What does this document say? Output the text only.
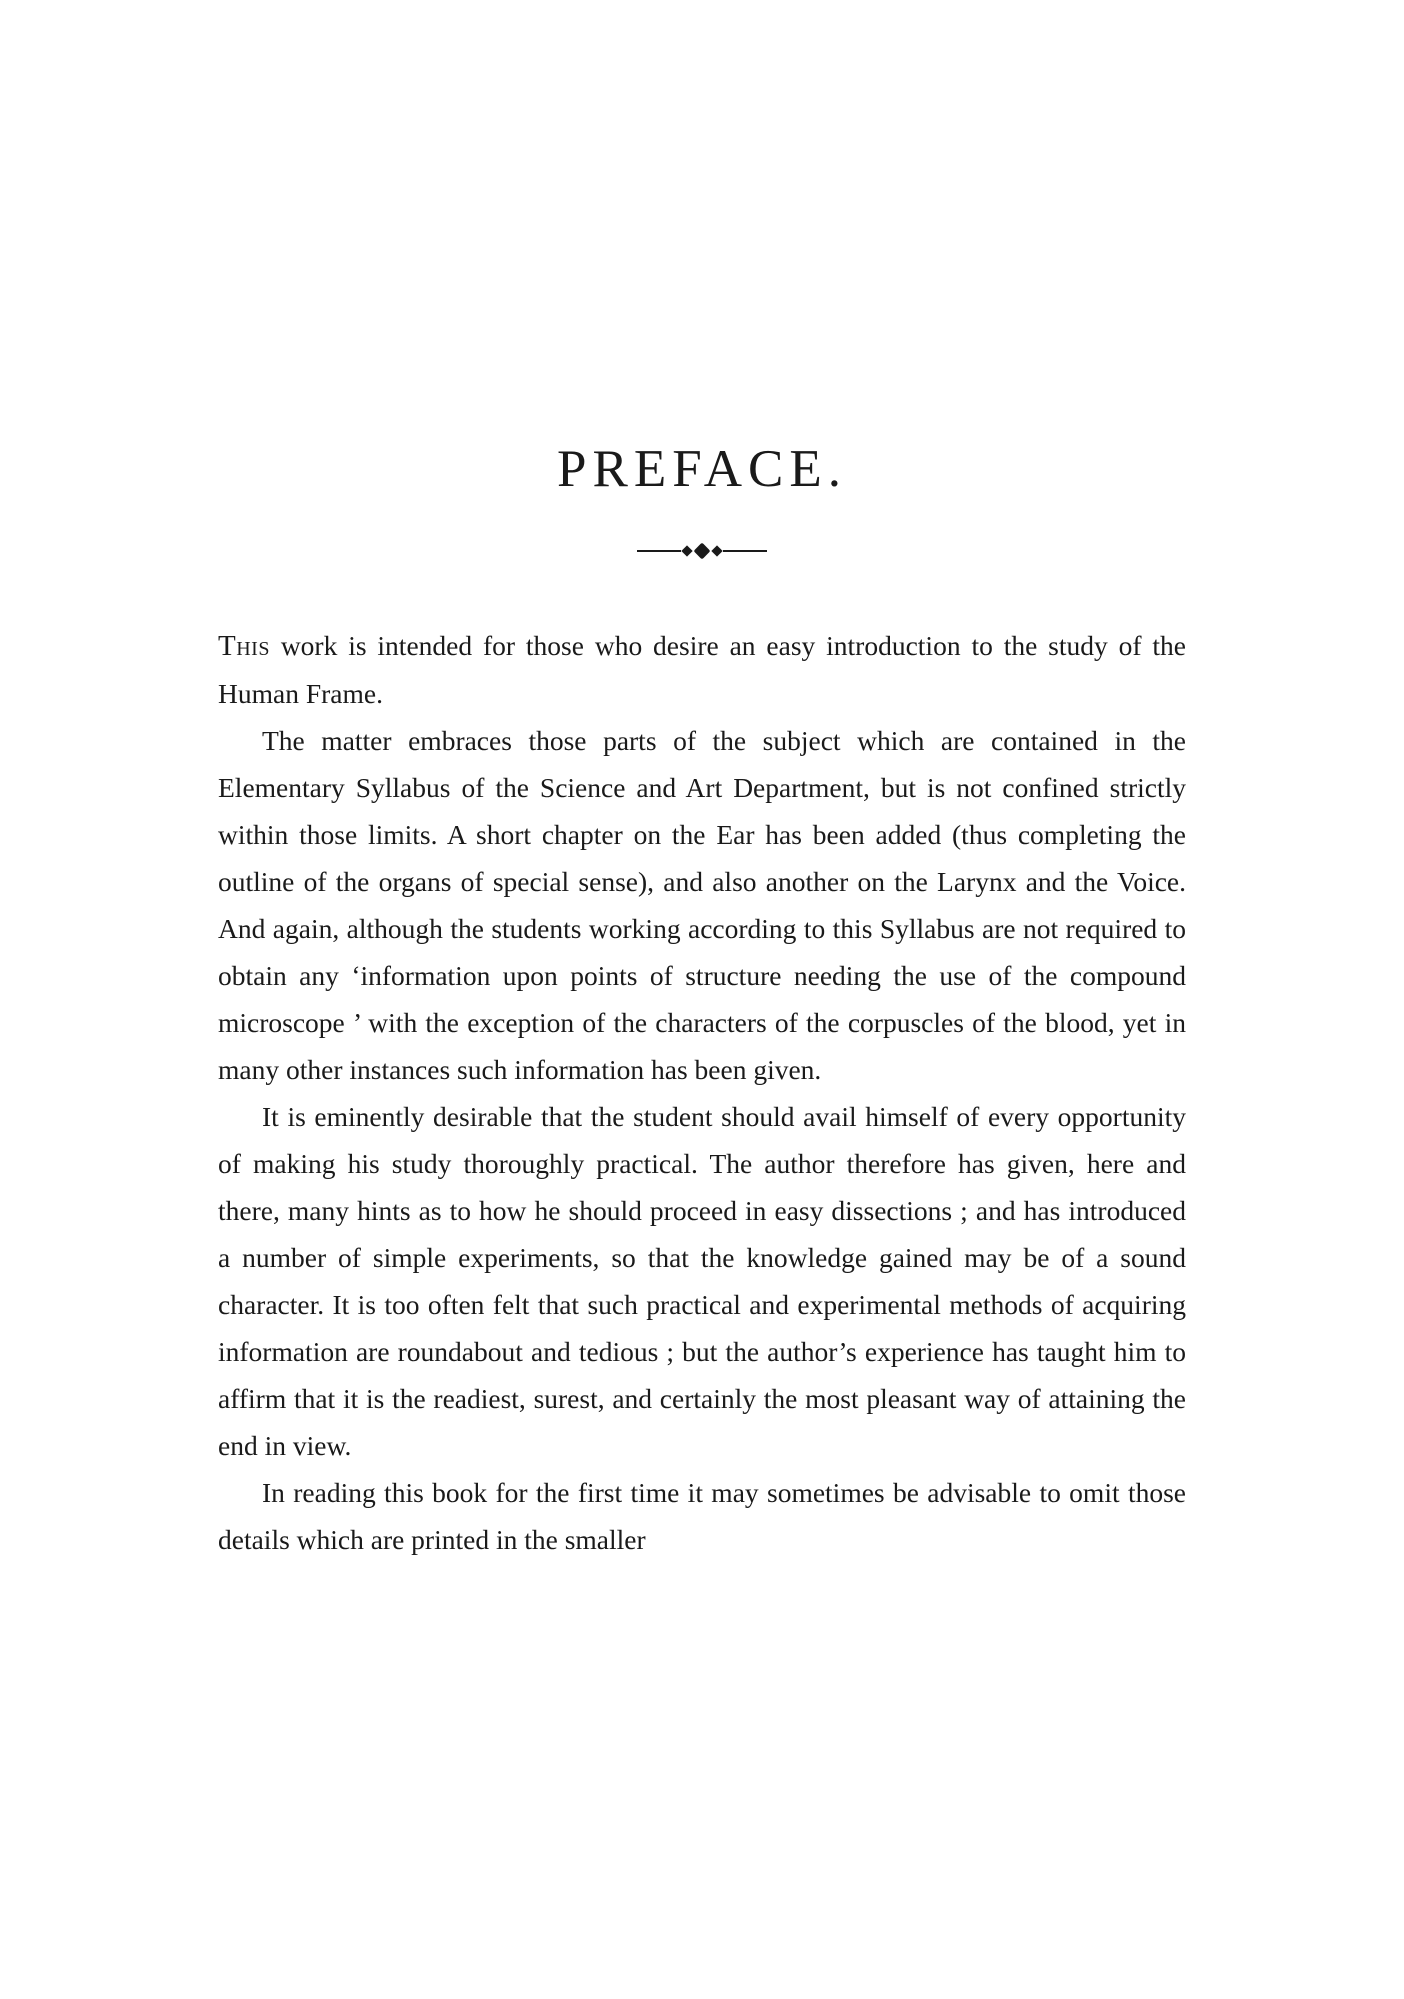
PREFACE.

This work is intended for those who desire an easy introduction to the study of the Human Frame.

The matter embraces those parts of the subject which are contained in the Elementary Syllabus of the Science and Art Department, but is not confined strictly within those limits. A short chapter on the Ear has been added (thus completing the outline of the organs of special sense), and also another on the Larynx and the Voice. And again, although the students working according to this Syllabus are not required to obtain any ‘information upon points of structure needing the use of the compound microscope ’ with the exception of the characters of the corpuscles of the blood, yet in many other instances such information has been given.

It is eminently desirable that the student should avail himself of every opportunity of making his study thoroughly practical. The author therefore has given, here and there, many hints as to how he should proceed in easy dissections ; and has introduced a number of simple experiments, so that the knowledge gained may be of a sound character. It is too often felt that such practical and experimental methods of acquiring information are roundabout and tedious ; but the author’s experience has taught him to affirm that it is the readiest, surest, and certainly the most pleasant way of attaining the end in view.

In reading this book for the first time it may sometimes be advisable to omit those details which are printed in the smaller
